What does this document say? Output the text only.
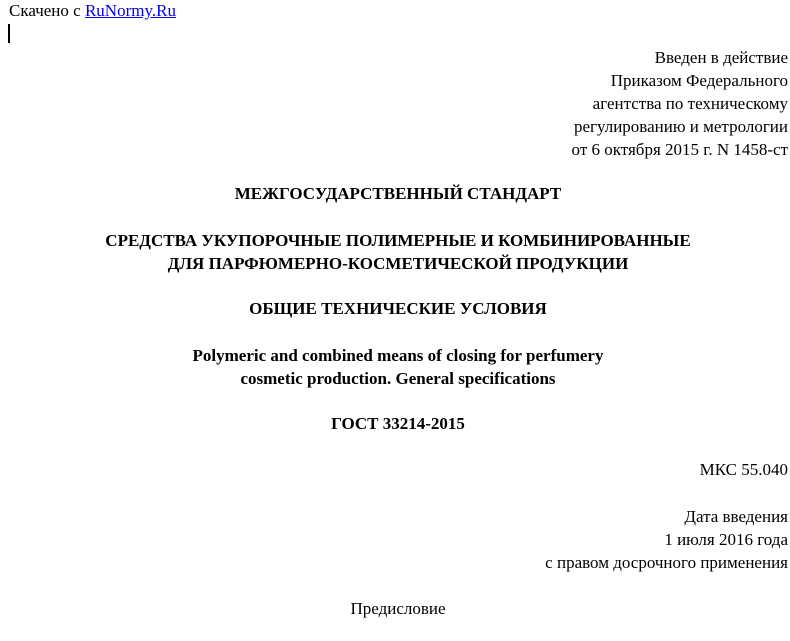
Скачено с RuNormy.Ru
Введен в действие
Приказом Федерального
агентства по техническому
регулированию и метрологии
от 6 октября 2015 г. N 1458-ст
МЕЖГОСУДАРСТВЕННЫЙ СТАНДАРТ
СРЕДСТВА УКУПОРОЧНЫЕ ПОЛИМЕРНЫЕ И КОМБИНИРОВАННЫЕ
ДЛЯ ПАРФЮМЕРНО-КОСМЕТИЧЕСКОЙ ПРОДУКЦИИ
ОБЩИЕ ТЕХНИЧЕСКИЕ УСЛОВИЯ
Polymeric and combined means of closing for perfumery
cosmetic production. General specifications
ГОСТ 33214-2015
МКС 55.040
Дата введения
1 июля 2016 года
с правом досрочного применения
Предисловие
